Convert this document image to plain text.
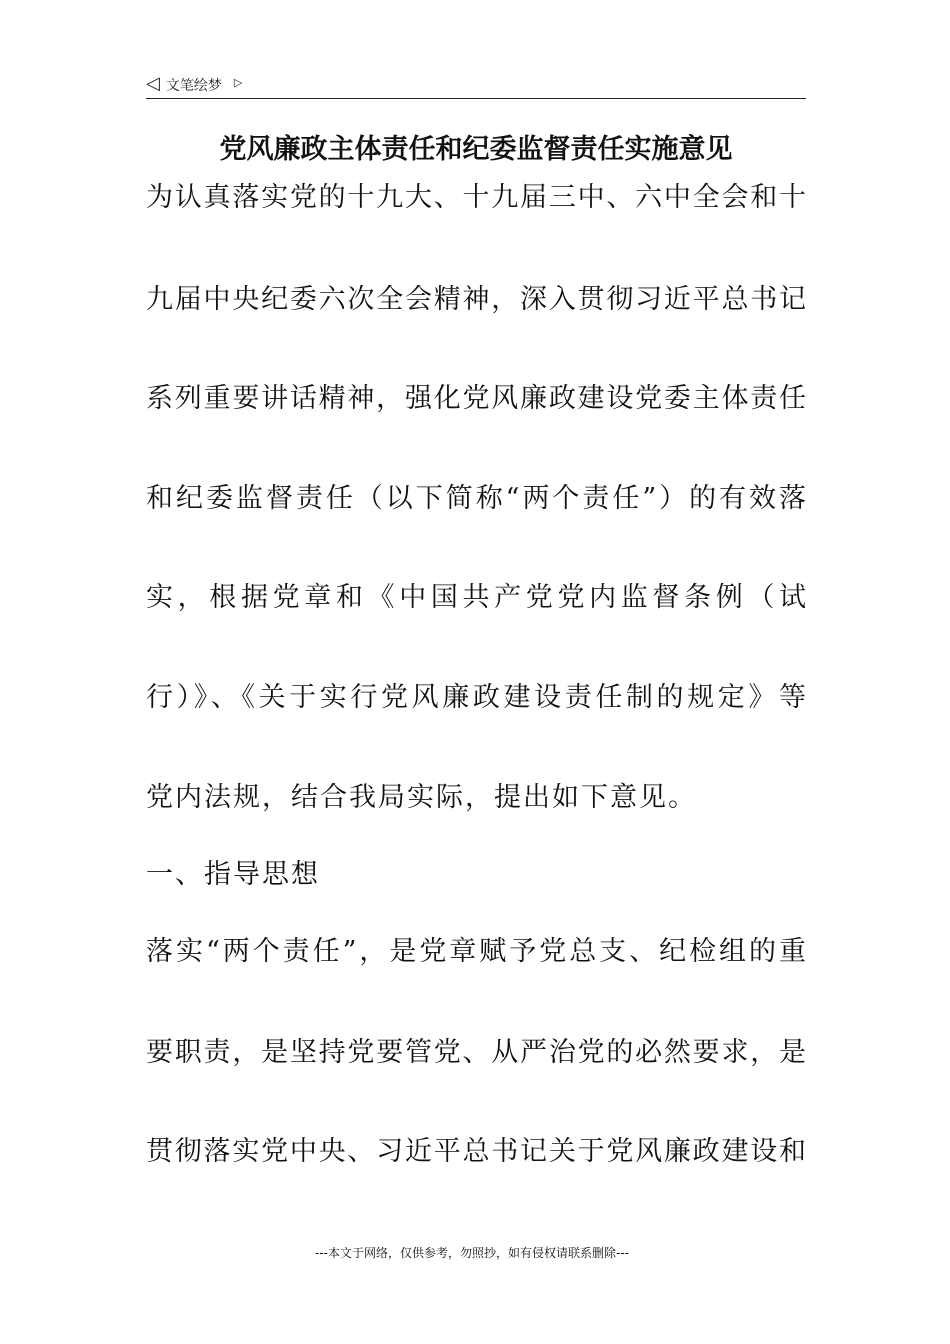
◁ 文笔绘梦 ▷
党风廉政主体责任和纪委监督责任实施意见
为认真落实党的十九大、十九届三中、六中全会和十
九届中央纪委六次全会精神，深入贯彻习近平总书记
系列重要讲话精神，强化党风廉政建设党委主体责任
和纪委监督责任（以下简称“两个责任”）的有效落
实，根据党章和《中国共产党党内监督条例（试
行）》、《关于实行党风廉政建设责任制的规定》等
党内法规，结合我局实际，提出如下意见。
一、指导思想
落实“两个责任”，是党章赋予党总支、纪检组的重
要职责，是坚持党要管党、从严治党的必然要求，是
贯彻落实党中央、习近平总书记关于党风廉政建设和
---本文于网络，仅供参考，勿照抄，如有侵权请联系删除---
